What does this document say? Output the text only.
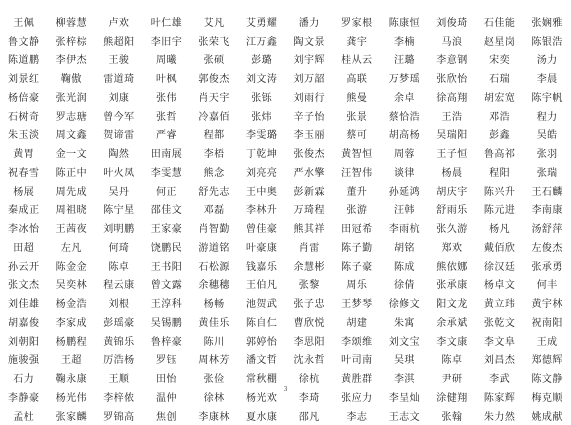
王佩	柳蓉慧	卢欢	叶仁雄	艾凡	艾勇耀	潘力	罗家根	陈康恒	刘俊琦	石佳能	张娴雅
鲁文静	张梓棕	熊超阳	李旧宇	张荣飞	江万鑫	陶文景	龚宇	李楠	马浪	赵星岗	陈银浩
陈道鹏	李伊杰	王骏	周曦	张硕	彭璐	刘宇辉	桂从云	汪璐	李意钢	宋奕	汤力
刘景红	鞠傲	雷道琦	叶枫	郭俊杰	刘文涛	刘万韶	高联	万梦瑶	张欣怡	石瑞	李晨
杨倍豪	张光润	刘康	张伟	肖天宇	张铄	刘雨行	熊曼	余卓	徐高翔	胡宏宽	陈宇帆
石树奇	罗志瑭	曾今军	张哲	冷嘉佰	张炜	辛子怡	张景	蔡恰浩	王浩	邓浩	程力
朱玉淡	周文鑫	贺谛雷	严睿	程都	李雯璐	李玉丽	蔡可	胡高杨	吴瑞阳	彭鑫	吴皓
黄胃	金一文	陶然	田南展	李梧	丁乾坤	张俊杰	黄智恒	周蓉	王子恒	鲁高祁	张羽
祝春雪	陈正中	叶火凤	李雯慧	熊念	刘亮亮	严水擎	汪智伟	谈律	杨晨	程阳	张瑞
杨展	周先成	吴丹	何正	舒先志	王中奥	彭新霖	董升	孙延鸿	胡庆宇	陈兴升	王石麟
秦成正	周祖晓	陈宁星	邵佳文	邓磊	李林升	万琦程	张游	汪韩	舒雨乐	陈元进	李南康
李冰怡	王茜夜	刘明鹏	王家豪	肖智勤	曾佳豪	熊其祥	田冠希	李雨杭	张久游	杨凡	汤舒萍
田超	左凡	何琦	饶鹏民	游道铭	叶豪康	肖雷	陈子勤	胡铭	郑欢	戴佰欣	左俊杰
孙云开	陈金金	陈卓	王书阳	石松源	钱嘉乐	余慧彬	陈子豪	陈成	熊依娜	徐汉廷	张承勇
张文杰	吴奕林	程云康	曾文露	余穗穗	王伯凡	张黎	周乐	徐倩	张承康	杨卓文	何丰
刘佳雄	杨金浩	刘根	王淳科	杨畅	池贺武	张子忠	王梦琴	徐修文	阳文龙	黄立玮	黄宇林
胡嘉俊	李家成	彭瑶豪	吴锡鹏	黄佳乐	陈自仁	曹欣悦	胡建	朱寓	余承斌	张乾文	祝南阳
刘朝阳	杨鹏程	黄锦乐	鲁梓豪	陈川	郭婷怡	李思阳	李颂维	刘文宝	李文康	李文阜	王成
施骏强	王超	厉浩杨	罗钰	周林芳	潘文哲	沈永哲	叶司南	吴琪	陈卓	刘昌杰	郑德辉
石力	鞠永康	王顺	田怡	张俭	常秋棚	徐杭	黄胜群	李淇	尹研	李武	陈文静
李静豪	杨光伟	李梓侬	温仲	徐林	杨光欢	李琦	张应力	李呈灿	涂健翔	陈家辉	梅克顺
孟杜	张家麟	罗锦高	焦创	李康林	夏水康	邵凡	李志	王志文	张翰	朱力然	姚成献
3
